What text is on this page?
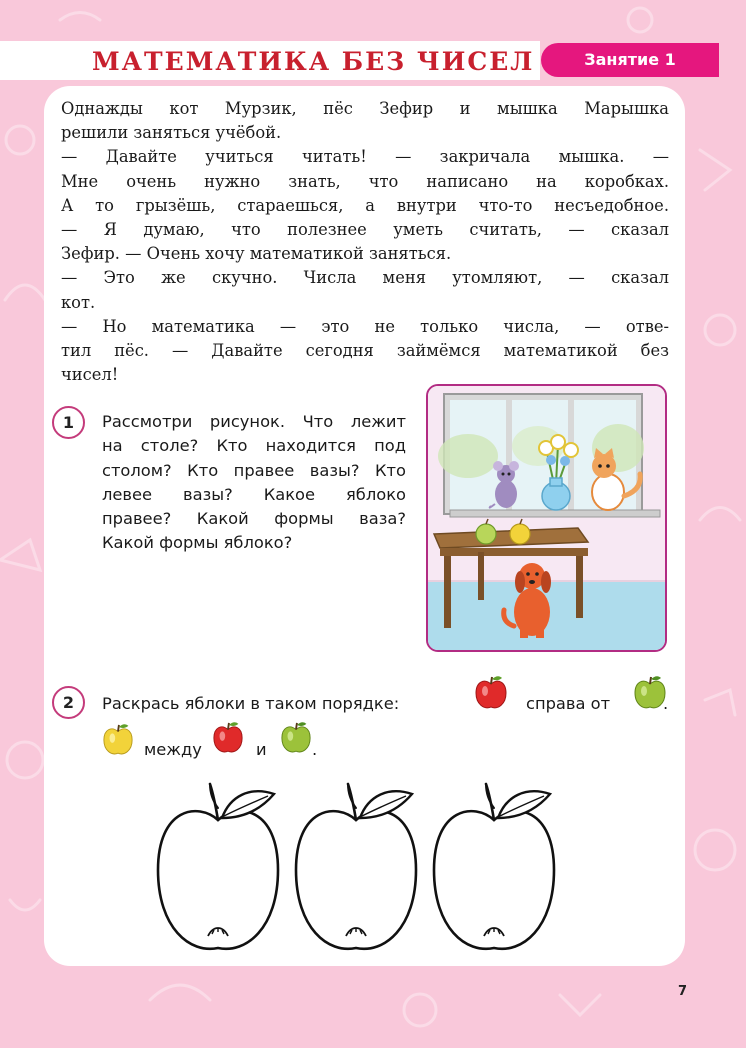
МАТЕМАТИКА БЕЗ ЧИСЕЛ	Занятие 1

Однажды кот Мурзик, пёс Зефир и мышка Марышка

решили заняться учёбой.

— Давайте учиться читать! — закричала мышка. —

Мне очень нужно знать, что написано на коробках.

А то грызёшь, стараешься, а внутри что-то несъедобное.

— Я думаю, что полезнее уметь считать, — сказал

Зефир. — Очень хочу математикой заняться.

— Это же скучно. Числа меня утомляют, — сказал

кот.

— Но математика — это не только числа, — отве-

тил пёс. — Давайте сегодня займёмся математикой без

чисел!

1	Рассмотри рисунок. Что лежит

на столе? Кто находится под

столом? Кто правее вазы? Кто

левее вазы? Какое яблоко

правее? Какой формы ваза?

Какой формы яблоко?

2	Раскрась яблоки в таком порядке:	справа от	.
между	и	.
7
